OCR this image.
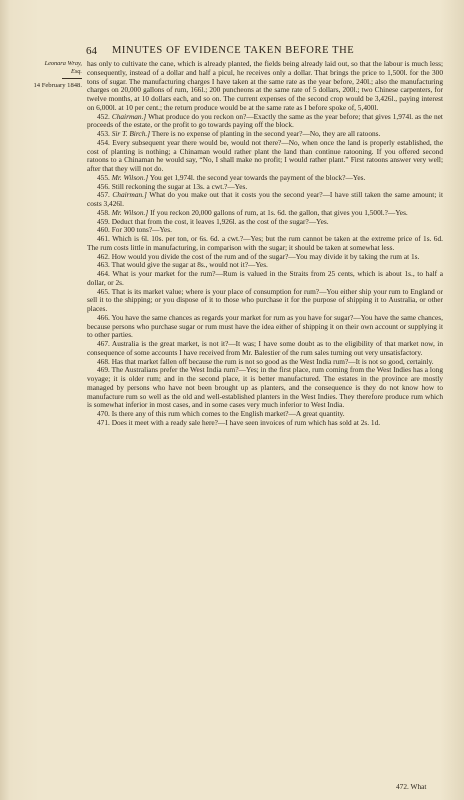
64 MINUTES OF EVIDENCE TAKEN BEFORE THE
Leonara Wray,
Esq.
14 February 1848.

has only to cultivate the cane, which is already planted, the fields being already laid out, so that the labour is much less; consequently, instead of a dollar and half a picul, he receives only a dollar. That brings the price to 1,500l. for the 300 tons of sugar. The manufacturing charges I have taken at the same rate as the year before, 240l.; also the manufacturing charges on 20,000 gallons of rum, 166l.; 200 puncheons at the same rate of 5 dollars, 200l.; two Chinese carpenters, for twelve months, at 10 dollars each, and so on. The current expenses of the second crop would be 3,426l., paying interest on 6,000l. at 10 per cent.; the return produce would be at the same rate as I before spoke of, 5,400l.

452. Chairman.] What produce do you reckon on?—Exactly the same as the year before; that gives 1,974l. as the net proceeds of the estate, or the profit to go towards paying off the block.

453. Sir T. Birch.] There is no expense of planting in the second year?—No, they are all ratoons.

454. Every subsequent year there would be, would not there?—No, when once the land is properly established, the cost of planting is nothing; a Chinaman would rather plant the land than continue ratooning. If you offered second ratoons to a Chinaman he would say, “No, I shall make no profit; I would rather plant.” First ratoons answer very well; after that they will not do.

455. Mr. Wilson.] You get 1,974l. the second year towards the payment of the block?—Yes.

456. Still reckoning the sugar at 13s. a cwt.?—Yes.

457. Chairman.] What do you make out that it costs you the second year?—I have still taken the same amount; it costs 3,426l.

458. Mr. Wilson.] If you reckon 20,000 gallons of rum, at 1s. 6d. the gallon, that gives you 1,500l.?—Yes.

459. Deduct that from the cost, it leaves 1,926l. as the cost of the sugar?—Yes.

460. For 300 tons?—Yes.

461. Which is 6l. 10s. per ton, or 6s. 6d. a cwt.?—Yes; but the rum cannot be taken at the extreme price of 1s. 6d. The rum costs little in manufacturing, in comparison with the sugar; it should be taken at somewhat less.

462. How would you divide the cost of the rum and of the sugar?—You may divide it by taking the rum at 1s.

463. That would give the sugar at 8s., would not it?—Yes.

464. What is your market for the rum?—Rum is valued in the Straits from 25 cents, which is about 1s., to half a dollar, or 2s.

465. That is its market value; where is your place of consumption for rum?—You either ship your rum to England or sell it to the shipping; or you dispose of it to those who purchase it for the purpose of shipping it to Australia, or other places.

466. You have the same chances as regards your market for rum as you have for sugar?—You have the same chances, because persons who purchase sugar or rum must have the idea either of shipping it on their own account or supplying it to other parties.

467. Australia is the great market, is not it?—It was; I have some doubt as to the eligibility of that market now, in consequence of some accounts I have received from Mr. Balestier of the rum sales turning out very unsatisfactory.

468. Has that market fallen off because the rum is not so good as the West India rum?—It is not so good, certainly.

469. The Australians prefer the West India rum?—Yes; in the first place, rum coming from the West Indies has a long voyage; it is older rum; and in the second place, it is better manufactured. The estates in the province are mostly managed by persons who have not been brought up as planters, and the consequence is they do not know how to manufacture rum so well as the old and well-established planters in the West Indies. They therefore produce rum which is somewhat inferior in most cases, and in some cases very much inferior to West India.

470. Is there any of this rum which comes to the English market?—A great quantity.

471. Does it meet with a ready sale here?—I have seen invoices of rum which has sold at 2s. 1d.

472. What
